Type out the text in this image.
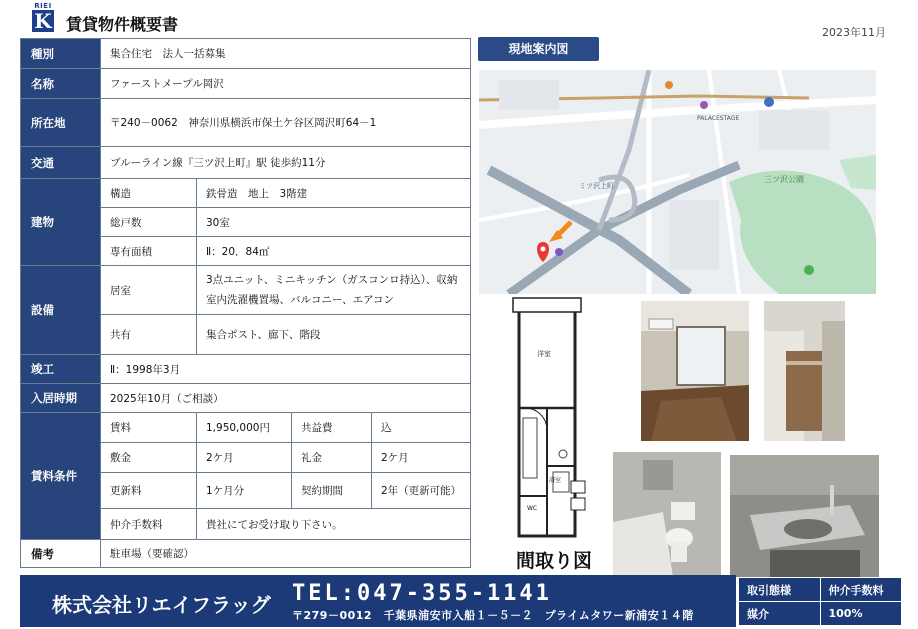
RIEI
K 賃貸物件概要書	2023年11月
種別	集合住宅　法人一括募集			
名称	ファーストメープル岡沢			
所在地	〒240－0062　神奈川県横浜市保土ケ谷区岡沢町64－1			
交通	ブルーライン線『三ツ沢上町』駅 徒歩約11分			
建物	構造	鉄骨造　地上　3階建		
	総戸数	30室		
	専有面積	Ⅱ：20．84㎡		
設備	居室	3点ユニット、ミニキッチン（ガスコンロ持込）、収納 室内洗濯機置場、バルコニー、エアコン		
	共有	集合ポスト、廊下、階段		
竣工	Ⅱ：1998年3月			
入居時期	2025年10月（ご相談）			
賃料条件	賃料	1,950,000円	共益費	込
	敷金	2ケ月	礼金	2ケ月
	更新料	1ケ月分	契約期間	2年（更新可能）
	仲介手数料	貴社にてお受け取り下さい。		
備考	駐車場（要確認）			
現地案内図
PALACESTAGE
ミツ沢上町
三ツ沢公園
洋室
浴室
WC
間取り図
株式会社リエイフラッグ TEL:047-355-1141
〒279－0012　千葉県浦安市入船１－５－２　プライムタワー新浦安１４階
取引態様	仲介手数料
媒介	100%
